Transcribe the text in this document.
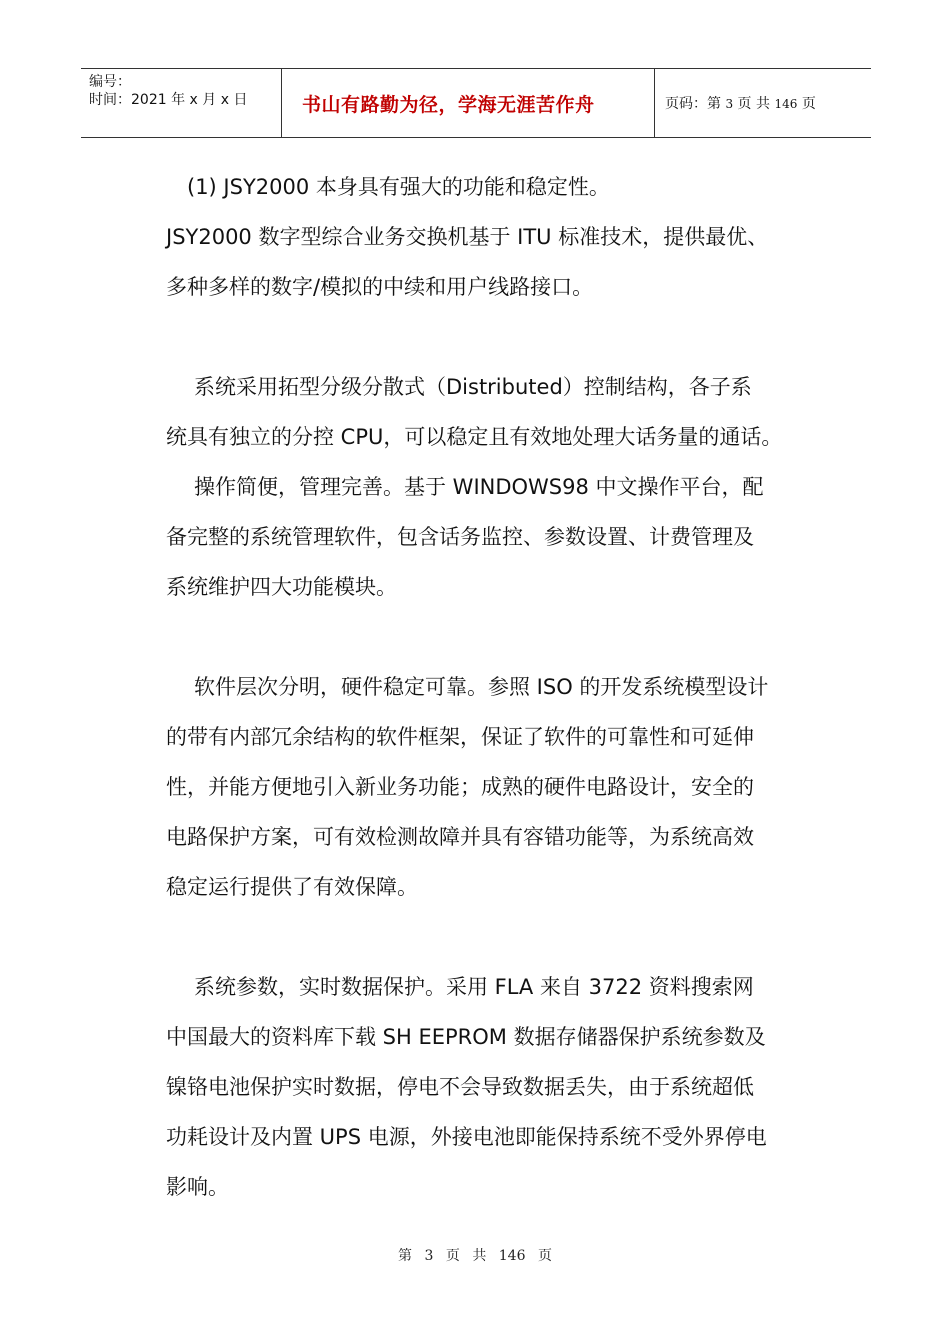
编号：
时间：2021 年 x 月 x 日	书山有路勤为径，学海无涯苦作舟	页码：第 3 页 共 146 页

(1) JSY2000 本身具有强大的功能和稳定性。

JSY2000 数字型综合业务交换机基于 ITU 标准技术，提供最优、

多种多样的数字/模拟的中续和用户线路接口。

系统采用拓型分级分散式（Distributed）控制结构，各子系

统具有独立的分控 CPU，可以稳定且有效地处理大话务量的通话。

操作简便，管理完善。基于 WINDOWS98 中文操作平台，配

备完整的系统管理软件，包含话务监控、参数设置、计费管理及

系统维护四大功能模块。

软件层次分明，硬件稳定可靠。参照 ISO 的开发系统模型设计

的带有内部冗余结构的软件框架，保证了软件的可靠性和可延伸

性，并能方便地引入新业务功能；成熟的硬件电路设计，安全的

电路保护方案，可有效检测故障并具有容错功能等，为系统高效

稳定运行提供了有效保障。

系统参数，实时数据保护。采用 FLA 来自 3722 资料搜索网

中国最大的资料库下载 SH EEPROM 数据存储器保护系统参数及

镍铬电池保护实时数据，停电不会导致数据丢失，由于系统超低

功耗设计及内置 UPS 电源，外接电池即能保持系统不受外界停电

影响。

第 3 页 共 146 页
